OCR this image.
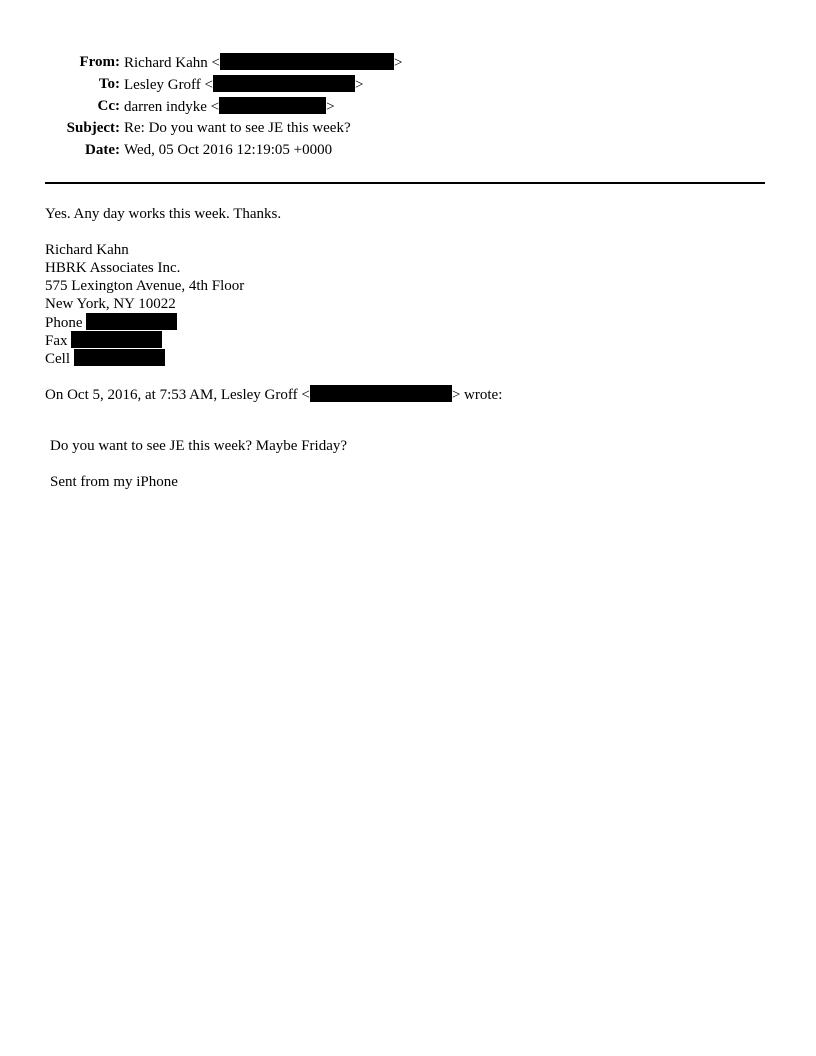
From: Richard Kahn <	>
To: Lesley Groff <	>
Cc: darren indyke <	>
Subject: Re: Do you want to see JE this week?
Date: Wed, 05 Oct 2016 12:19:05 +0000
Yes. Any day works this week. Thanks.
Richard Kahn
HBRK Associates Inc.
575 Lexington Avenue, 4th Floor
New York, NY 10022
Phone
Fax
Cell
On Oct 5, 2016, at 7:53 AM, Lesley Groff <	> wrote:
Do you want to see JE this week? Maybe Friday?
Sent from my iPhone
